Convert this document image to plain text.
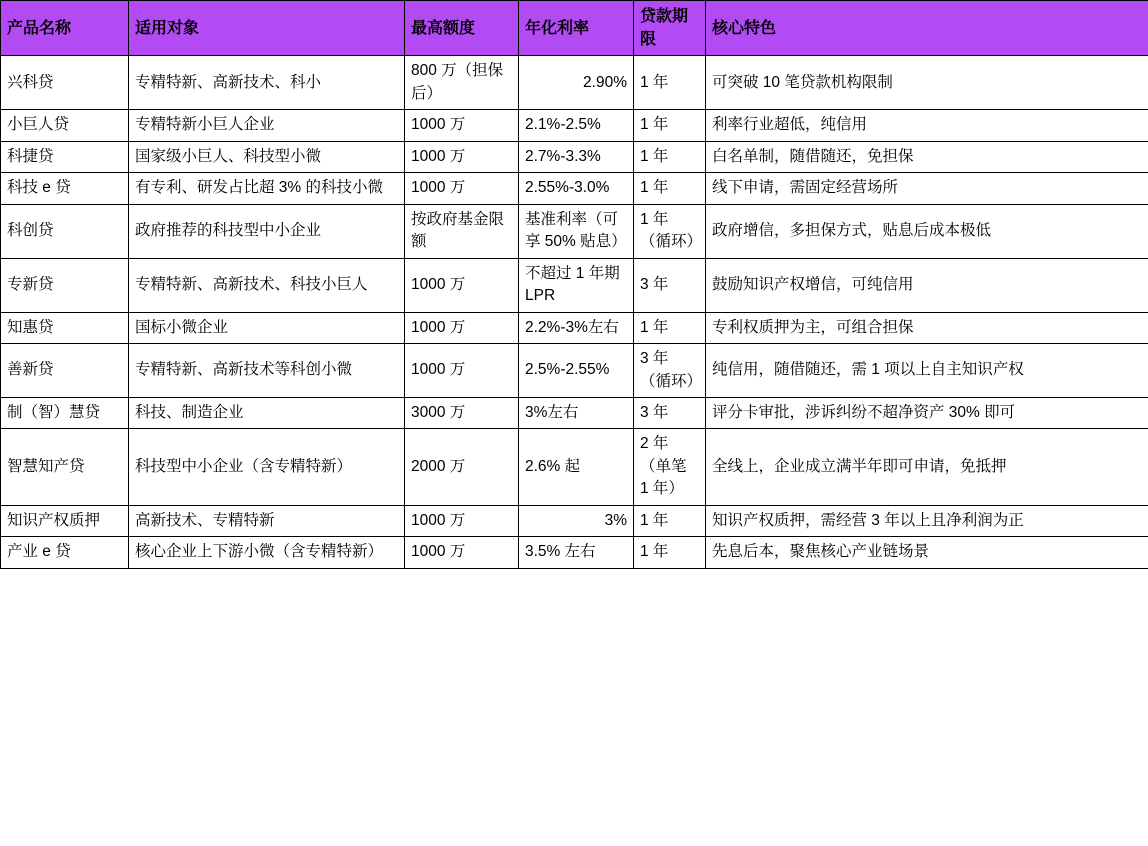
产品名称	适用对象	最高额度	年化利率	贷款期限	核心特色
兴科贷	专精特新、高新技术、科小	800 万（担保后）	2.90%	1 年	可突破 10 笔贷款机构限制
小巨人贷	专精特新小巨人企业	1000 万	2.1%-2.5%	1 年	利率行业超低，纯信用
科捷贷	国家级小巨人、科技型小微	1000 万	2.7%-3.3%	1 年	白名单制，随借随还，免担保
科技 e 贷	有专利、研发占比超 3% 的科技小微	1000 万	2.55%-3.0%	1 年	线下申请，需固定经营场所
科创贷	政府推荐的科技型中小企业	按政府基金限额	基准利率（可享 50% 贴息）	1 年（循环）	政府增信，多担保方式，贴息后成本极低
专新贷	专精特新、高新技术、科技小巨人	1000 万	不超过 1 年期 LPR	3 年	鼓励知识产权增信，可纯信用
知惠贷	国标小微企业	1000 万	2.2%-3%左右	1 年	专利权质押为主，可组合担保
善新贷	专精特新、高新技术等科创小微	1000 万	2.5%-2.55%	3 年（循环）	纯信用，随借随还，需 1 项以上自主知识产权
制（智）慧贷	科技、制造企业	3000 万	3%左右	3 年	评分卡审批，涉诉纠纷不超净资产 30% 即可
智慧知产贷	科技型中小企业（含专精特新）	2000 万	2.6% 起	2 年（单笔 1 年）	全线上，企业成立满半年即可申请，免抵押
知识产权质押	高新技术、专精特新	1000 万	3%	1 年	知识产权质押，需经营 3 年以上且净利润为正
产业 e 贷	核心企业上下游小微（含专精特新）	1000 万	3.5% 左右	1 年	先息后本，聚焦核心产业链场景
